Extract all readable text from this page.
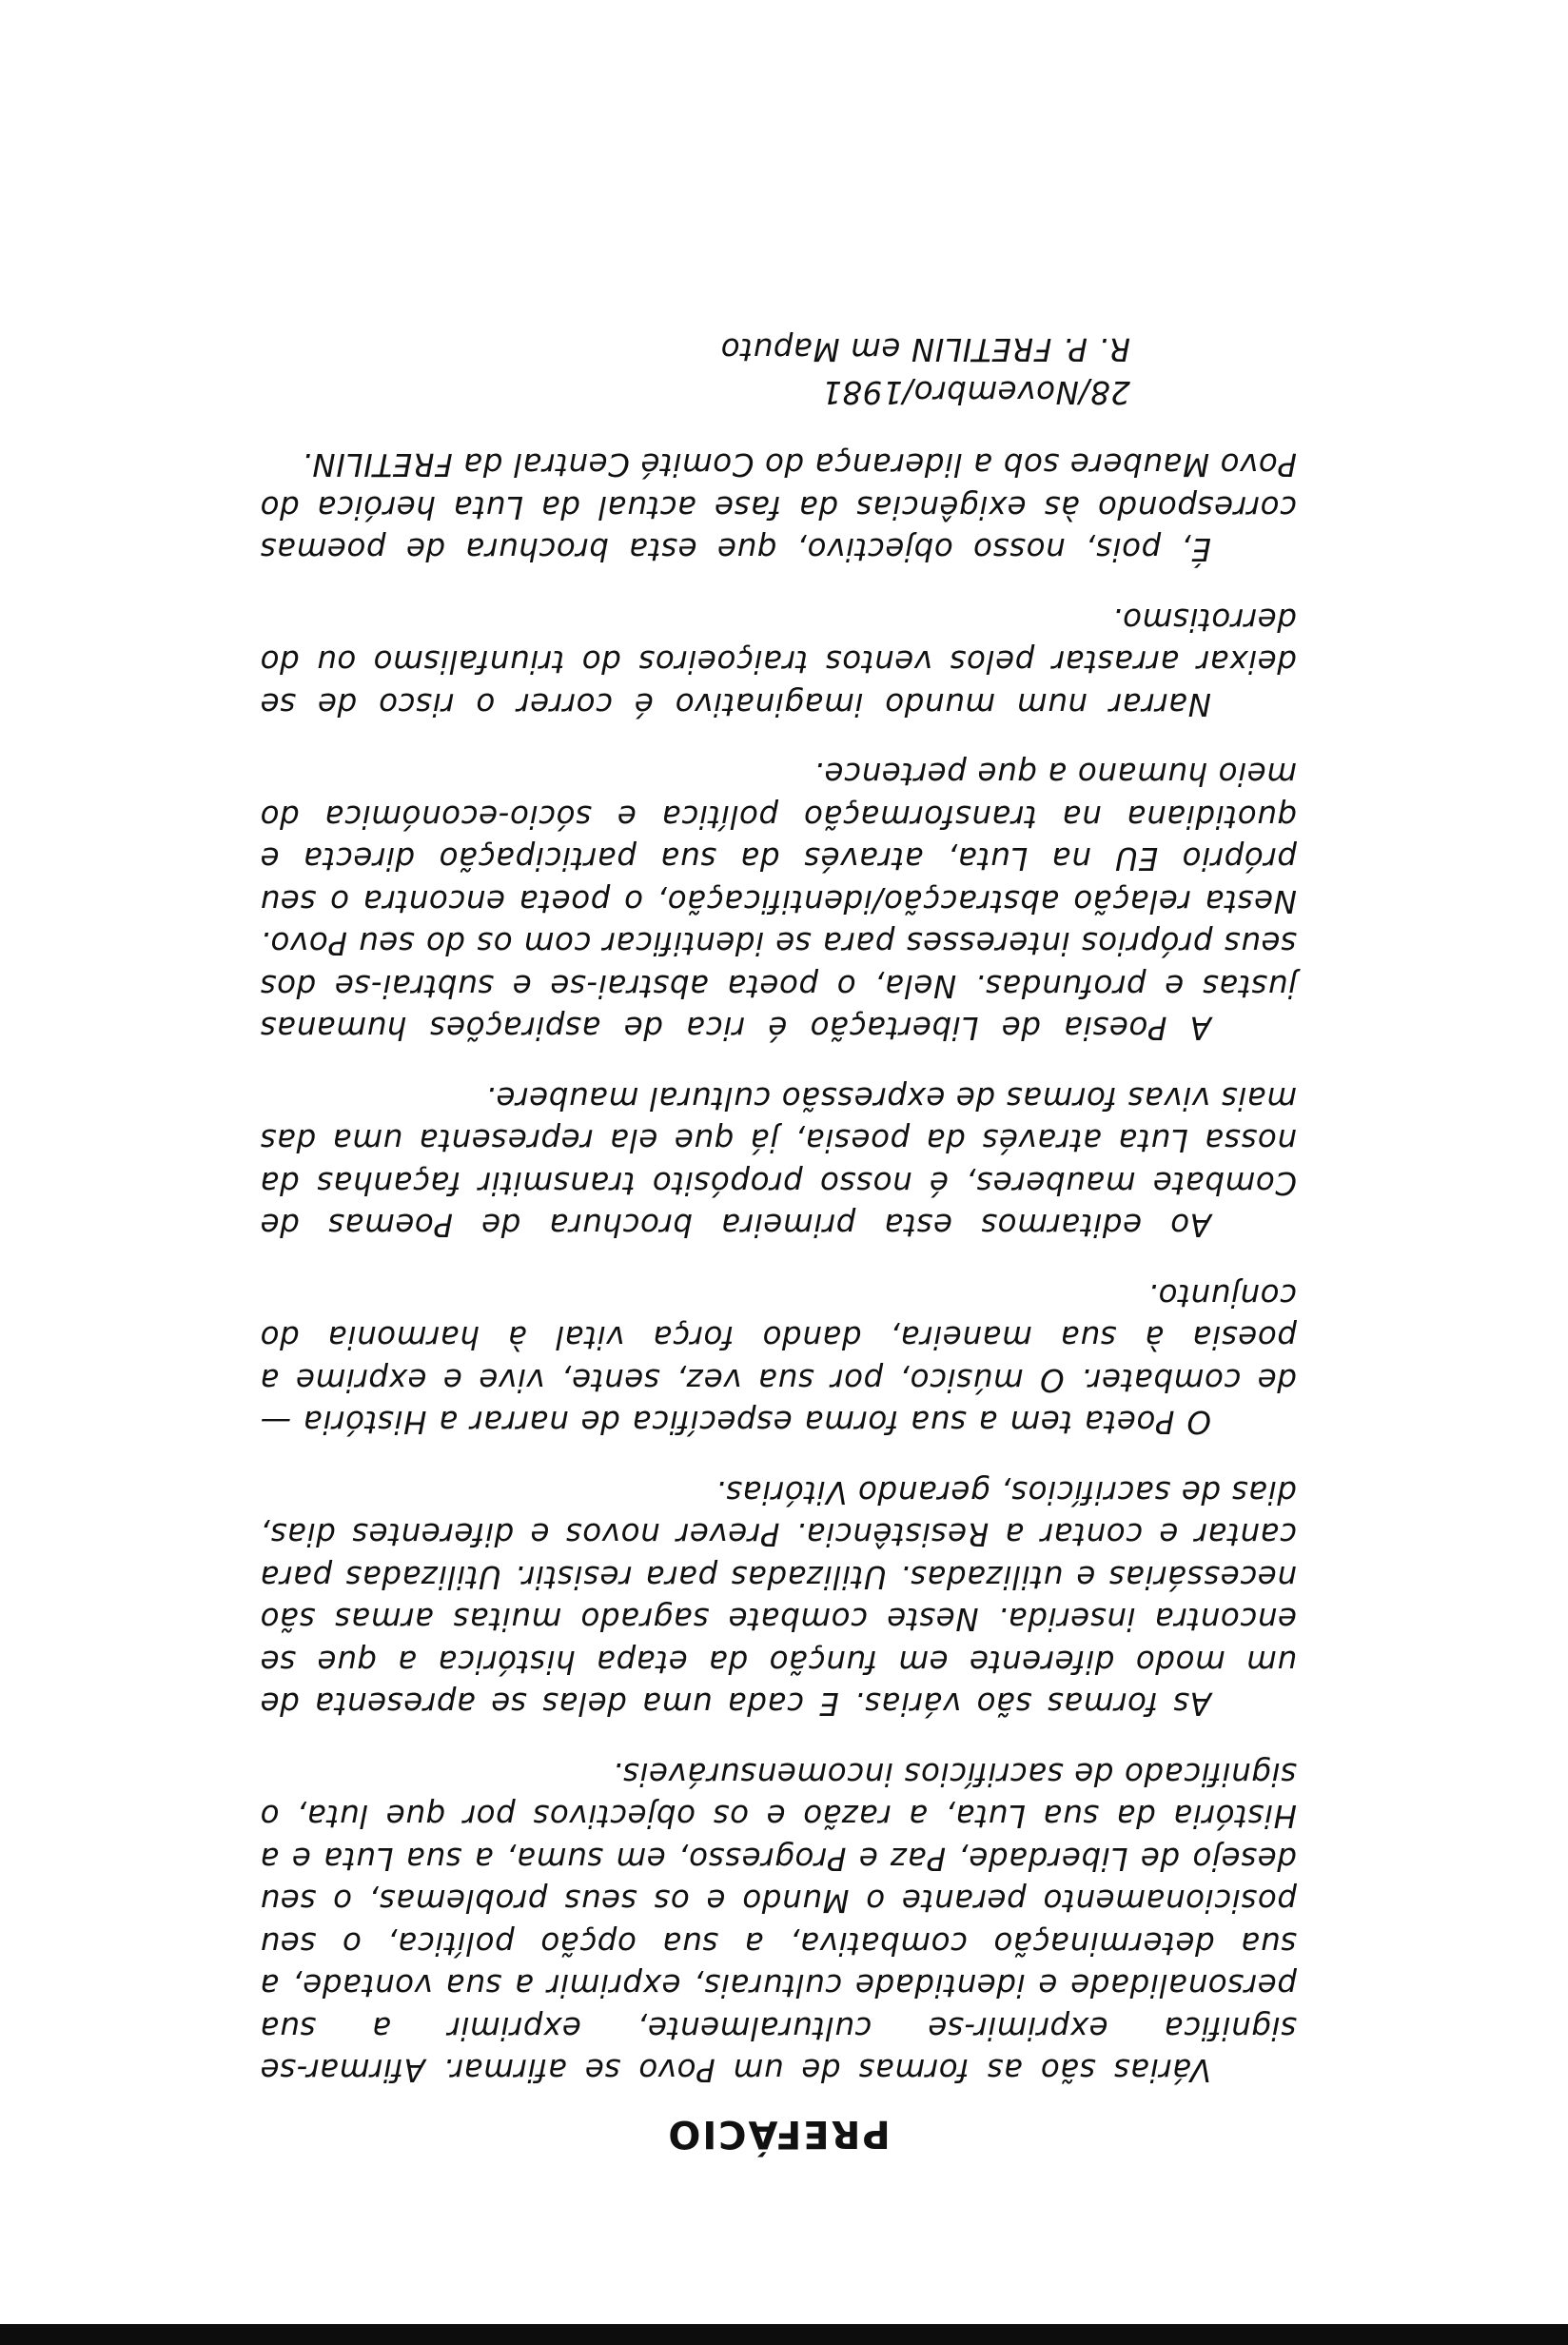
PREFÁCIO

Várias são as formas de um Povo se afirmar. Afirmar-se significa exprimir-se culturalmente, exprimir a sua personalidade e identidade culturais, exprimir a sua vontade, a sua determinação combativa, a sua opção política, o seu posicionamento perante o Mundo e os seus problemas, o seu desejo de Liberdade, Paz e Progresso, em suma, a sua Luta e a História da sua Luta, a razão e os objectivos por que luta, o significado de sacrifícios incomensuráveis.

As formas são várias. E cada uma delas se apresenta de um modo diferente em função da etapa histórica a que se encontra inserida. Neste combate sagrado muitas armas são necessárias e utilizadas. Utilizadas para resistir. Utilizadas para cantar e contar a Resistência. Prever novos e diferentes dias, dias de sacrifícios, gerando Vitórias.

O Poeta tem a sua forma específica de narrar a História — de combater. O músico, por sua vez, sente, vive e exprime a poesia à sua maneira, dando força vital à harmonia do conjunto.

Ao editarmos esta primeira brochura de Poemas de Combate mauberes, é nosso propósito transmitir façanhas da nossa Luta através da poesia, já que ela representa uma das mais vivas formas de expressão cultural maubere.

A Poesia de Libertação é rica de aspirações humanas justas e profundas. Nela, o poeta abstrai-se e subtrai-se dos seus próprios interesses para se identificar com os do seu Povo. Nesta relação abstracção/identificação, o poeta encontra o seu próprio EU na Luta, através da sua participação directa e quotidiana na transformação política e sócio-económica do meio humano a que pertence.

Narrar num mundo imaginativo é correr o risco de se deixar arrastar pelos ventos traiçoeiros do triunfalismo ou do derrotismo.

É, pois, nosso objectivo, que esta brochura de poemas correspondo às exigências da fase actual da Luta heróica do Povo Maubere sob a liderança do Comité Central da FRETILIN.

28/Novembro/1981
R. P. FRETILIN em Maputo
